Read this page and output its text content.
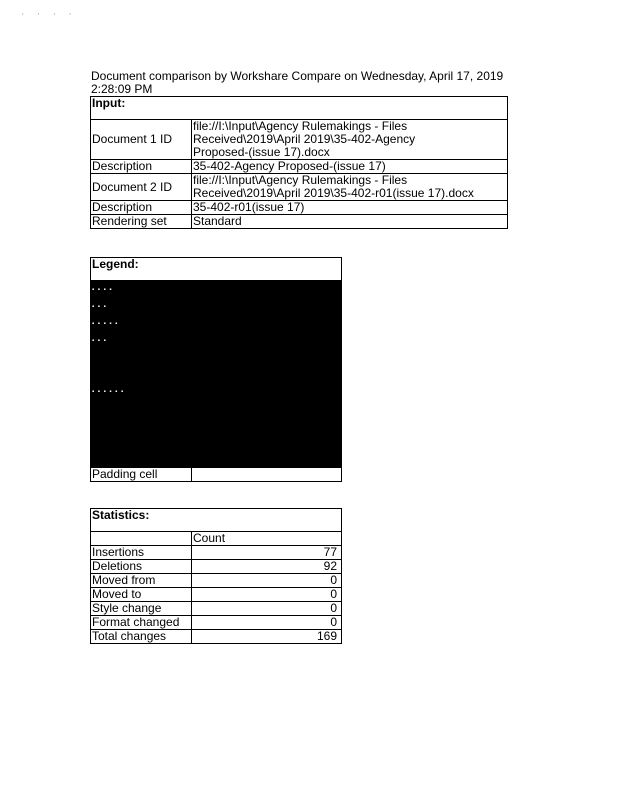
' ' ' '
Document comparison by Workshare Compare on Wednesday, April 17, 2019
2:28:09 PM
Input:	
Document 1 ID	file://I:\Input\Agency Rulemakings - Files
Received\2019\April 2019\35-402-Agency
Proposed-(issue 17).docx

Description	35-402-Agency Proposed-(issue 17)

Document 2 ID	file://I:\Input\Agency Rulemakings - Files
Received\2019\April 2019\35-402-r01(issue 17).docx

Description	35-402-r01(issue 17)

Rendering set	Standard
Legend:	
▪ ▪ ▪ ▪	
▪ ▪ ▪	
▪ ▪ ▪ ▪ ▪	
▪ ▪ ▪	

▪ ▪ ▪ ▪ ▪ ▪	

Padding cell	
Statistics:	
	Count
Insertions	77
Deletions	92
Moved from	0
Moved to	0
Style change	0
Format changed	0
Total changes	169
